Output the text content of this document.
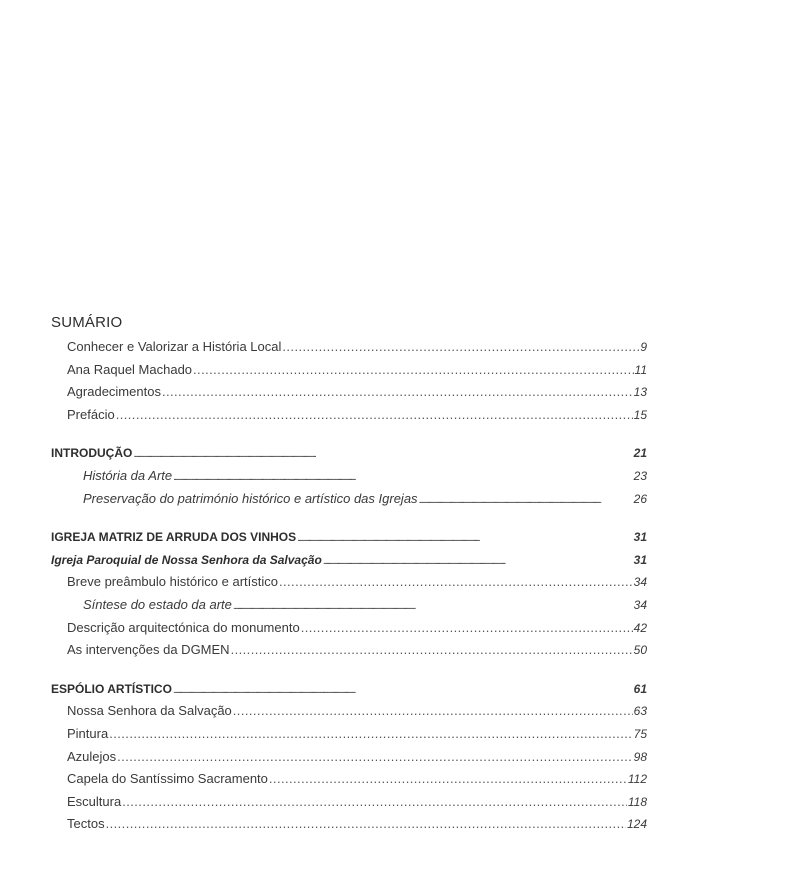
SUMÁRIO
Conhecer e Valorizar a História Local . . .	9
Ana Raquel Machado . . .	11
Agradecimentos . . .	13
Prefácio . . .	15
INTRODUÇÃO . . .	21
História da Arte . . .	23
Preservação do património histórico e artístico das Igrejas . . .	26
IGREJA MATRIZ DE ARRUDA DOS VINHOS . . .	31
Igreja Paroquial de Nossa Senhora da Salvação . . .	31
Breve preâmbulo histórico e artístico . . .	34
Síntese do estado da arte . . .	34
Descrição arquitectónica do monumento . . .	42
As intervenções da DGMEN . . .	50
ESPÓLIO ARTÍSTICO . . .	61
Nossa Senhora da Salvação . . .	63
Pintura . . .	75
Azulejos . . .	98
Capela do Santíssimo Sacramento . . .	112
Escultura . . .	118
Tectos . . .	124
